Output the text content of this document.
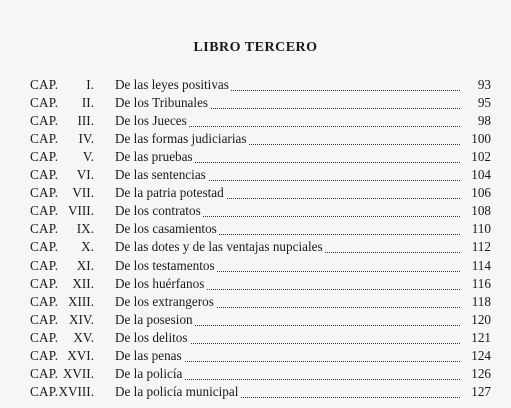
LIBRO TERCERO
CAP. I. De las leyes positivas	93
CAP. II. De los Tribunales	95
CAP. III. De los Jueces	98
CAP. IV. De las formas judiciarias	100
CAP. V. De las pruebas	102
CAP. VI. De las sentencias	104
CAP. VII. De la patria potestad	106
CAP. VIII. De los contratos	108
CAP. IX. De los casamientos	110
CAP. X. De las dotes y de las ventajas nupciales	112
CAP. XI. De los testamentos	114
CAP. XII. De los huérfanos	116
CAP. XIII. De los extrangeros	118
CAP. XIV. De la posesion	120
CAP. XV. De los delitos	121
CAP. XVI. De las penas	124
CAP. XVII. De la policía	126
CAP. XVIII. De la policía municipal	127
